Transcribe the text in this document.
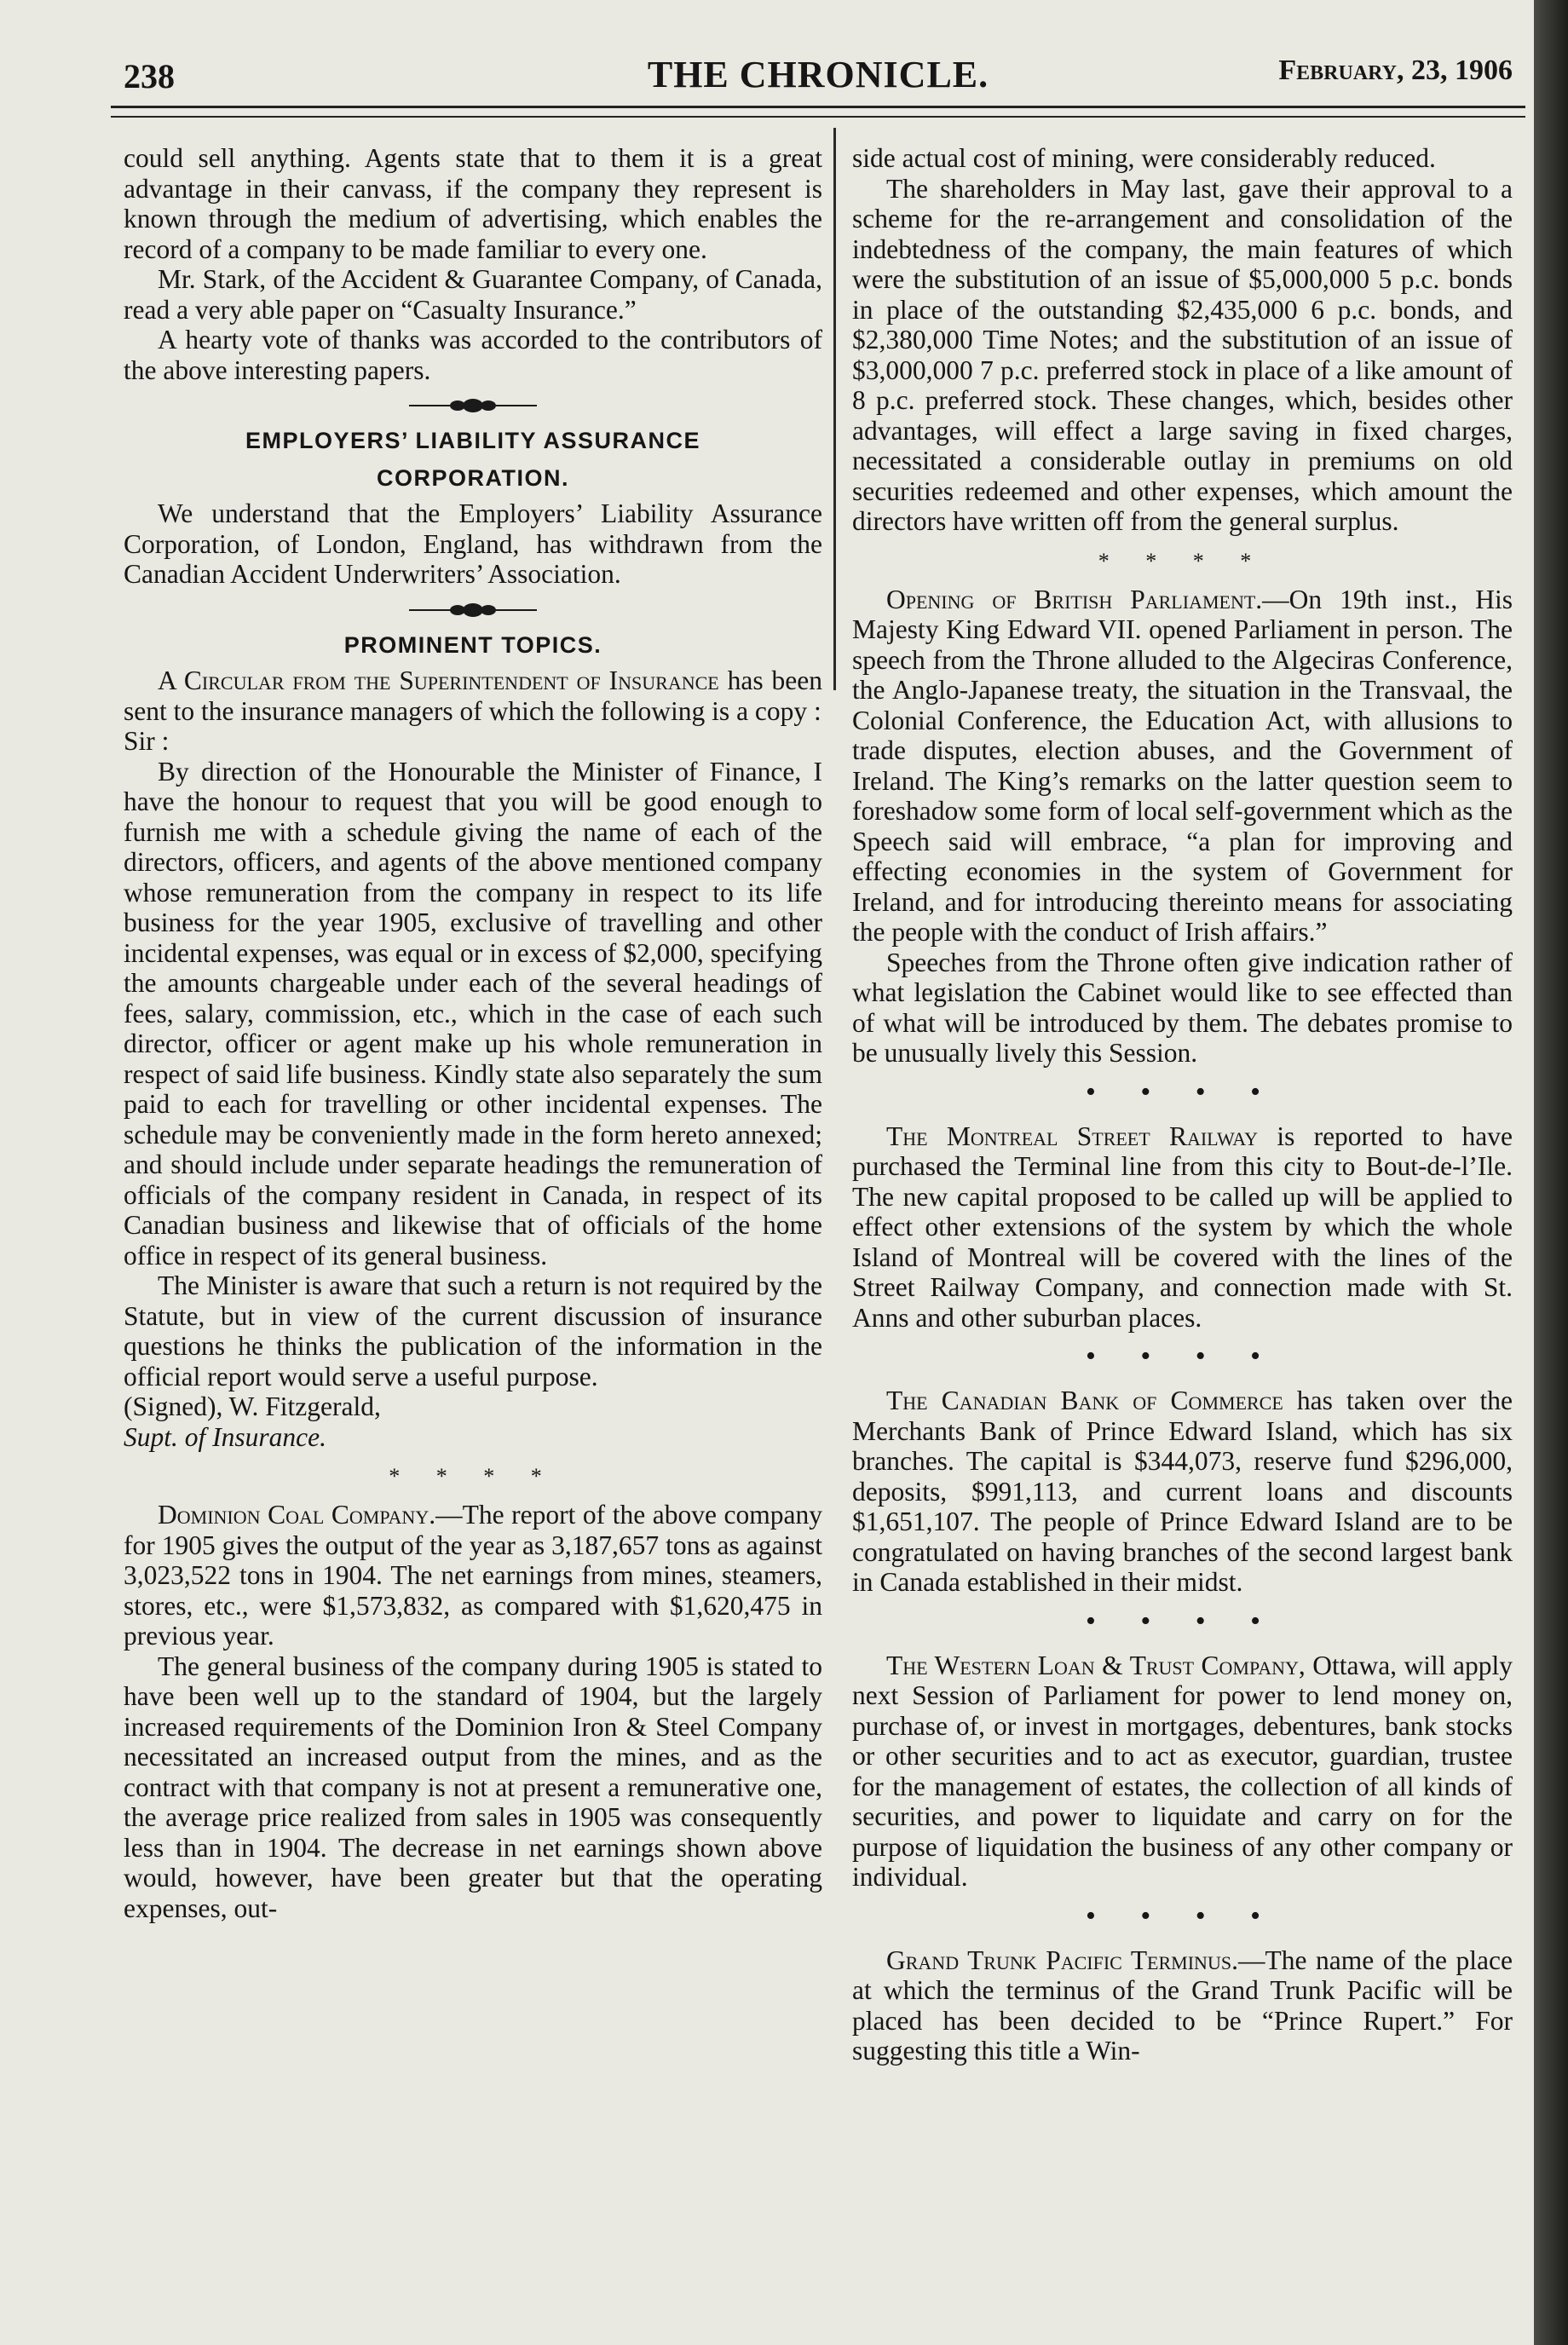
238	THE CHRONICLE.	February, 23, 1906

could sell anything. Agents state that to them it is a great advantage in their canvass, if the company they represent is known through the medium of advertising, which enables the record of a company to be made familiar to every one.

Mr. Stark, of the Accident & Guarantee Company, of Canada, read a very able paper on “Casualty Insurance.”

A hearty vote of thanks was accorded to the contributors of the above interesting papers.

EMPLOYERS’ LIABILITY ASSURANCE
CORPORATION.

We understand that the Employers’ Liability Assurance Corporation, of London, England, has withdrawn from the Canadian Accident Underwriters’ Association.

PROMINENT TOPICS.

A Circular from the Superintendent of Insurance has been sent to the insurance managers of which the following is a copy :

Sir :

By direction of the Honourable the Minister of Finance, I have the honour to request that you will be good enough to furnish me with a schedule giving the name of each of the directors, officers, and agents of the above mentioned company whose remuneration from the company in respect to its life business for the year 1905, exclusive of travelling and other incidental expenses, was equal or in excess of $2,000, specifying the amounts chargeable under each of the several headings of fees, salary, commission, etc., which in the case of each such director, officer or agent make up his whole remuneration in respect of said life business. Kindly state also separately the sum paid to each for travelling or other incidental expenses. The schedule may be conveniently made in the form hereto annexed; and should include under separate headings the remuneration of officials of the company resident in Canada, in respect of its Canadian business and likewise that of officials of the home office in respect of its general business.

The Minister is aware that such a return is not required by the Statute, but in view of the current discussion of insurance questions he thinks the publication of the information in the official report would serve a useful purpose.

(Signed), W. Fitzgerald,

Supt. of Insurance.

* * * *

Dominion Coal Company.—The report of the above company for 1905 gives the output of the year as 3,187,657 tons as against 3,023,522 tons in 1904. The net earnings from mines, steamers, stores, etc., were $1,573,832, as compared with $1,620,475 in previous year.

The general business of the company during 1905 is stated to have been well up to the standard of 1904, but the largely increased requirements of the Dominion Iron & Steel Company necessitated an increased output from the mines, and as the contract with that company is not at present a remunerative one, the average price realized from sales in 1905 was consequently less than in 1904. The decrease in net earnings shown above would, however, have been greater but that the operating expenses, out-

side actual cost of mining, were considerably reduced.

The shareholders in May last, gave their approval to a scheme for the re-arrangement and consolidation of the indebtedness of the company, the main features of which were the substitution of an issue of $5,000,000 5 p.c. bonds in place of the outstanding $2,435,000 6 p.c. bonds, and $2,380,000 Time Notes; and the substitution of an issue of $3,000,000 7 p.c. preferred stock in place of a like amount of 8 p.c. preferred stock. These changes, which, besides other advantages, will effect a large saving in fixed charges, necessitated a considerable outlay in premiums on old securities redeemed and other expenses, which amount the directors have written off from the general surplus.

* * * *

Opening of British Parliament.—On 19th inst., His Majesty King Edward VII. opened Parliament in person. The speech from the Throne alluded to the Algeciras Conference, the Anglo-Japanese treaty, the situation in the Transvaal, the Colonial Conference, the Education Act, with allusions to trade disputes, election abuses, and the Government of Ireland. The King’s remarks on the latter question seem to foreshadow some form of local self-government which as the Speech said will embrace, “a plan for improving and effecting economies in the system of Government for Ireland, and for introducing thereinto means for associating the people with the conduct of Irish affairs.”

Speeches from the Throne often give indication rather of what legislation the Cabinet would like to see effected than of what will be introduced by them. The debates promise to be unusually lively this Session.

• • • •

The Montreal Street Railway is reported to have purchased the Terminal line from this city to Bout-de-l’Ile. The new capital proposed to be called up will be applied to effect other extensions of the system by which the whole Island of Montreal will be covered with the lines of the Street Railway Company, and connection made with St. Anns and other suburban places.

• • • •

The Canadian Bank of Commerce has taken over the Merchants Bank of Prince Edward Island, which has six branches. The capital is $344,073, reserve fund $296,000, deposits, $991,113, and current loans and discounts $1,651,107. The people of Prince Edward Island are to be congratulated on having branches of the second largest bank in Canada established in their midst.

• • • •

The Western Loan & Trust Company, Ottawa, will apply next Session of Parliament for power to lend money on, purchase of, or invest in mortgages, debentures, bank stocks or other securities and to act as executor, guardian, trustee for the management of estates, the collection of all kinds of securities, and power to liquidate and carry on for the purpose of liquidation the business of any other company or individual.

• • • •

Grand Trunk Pacific Terminus.—The name of the place at which the terminus of the Grand Trunk Pacific will be placed has been decided to be “Prince Rupert.” For suggesting this title a Win-
